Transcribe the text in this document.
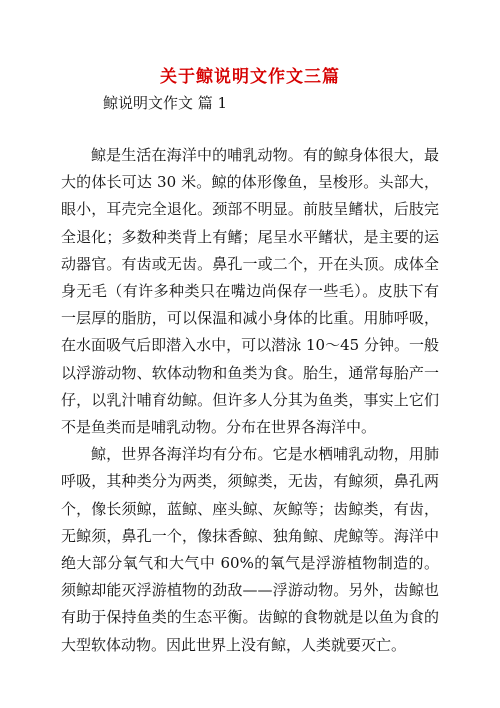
关于鲸说明文作文三篇
鲸说明文作文 篇 1

鲸是生活在海洋中的哺乳动物。有的鲸身体很大，最大的体长可达 30 米。鲸的体形像鱼，呈梭形。头部大，眼小，耳壳完全退化。颈部不明显。前肢呈鳍状，后肢完全退化；多数种类背上有鳍；尾呈水平鳍状，是主要的运动器官。有齿或无齿。鼻孔一或二个，开在头顶。成体全身无毛（有许多种类只在嘴边尚保存一些毛）。皮肤下有一层厚的脂肪，可以保温和减小身体的比重。用肺呼吸，在水面吸气后即潜入水中，可以潜泳 10～45 分钟。一般以浮游动物、软体动物和鱼类为食。胎生，通常每胎产一仔，以乳汁哺育幼鲸。但许多人分其为鱼类，事实上它们不是鱼类而是哺乳动物。分布在世界各海洋中。

鲸，世界各海洋均有分布。它是水栖哺乳动物，用肺呼吸，其种类分为两类，须鲸类，无齿，有鲸须，鼻孔两个，像长须鲸，蓝鲸、座头鲸、灰鲸等；齿鲸类，有齿，无鲸须，鼻孔一个，像抹香鲸、独角鲸、虎鲸等。海洋中绝大部分氧气和大气中 60%的氧气是浮游植物制造的。须鲸却能灭浮游植物的劲敌——浮游动物。另外，齿鲸也有助于保持鱼类的生态平衡。齿鲸的食物就是以鱼为食的大型软体动物。因此世界上没有鲸，人类就要灭亡。
